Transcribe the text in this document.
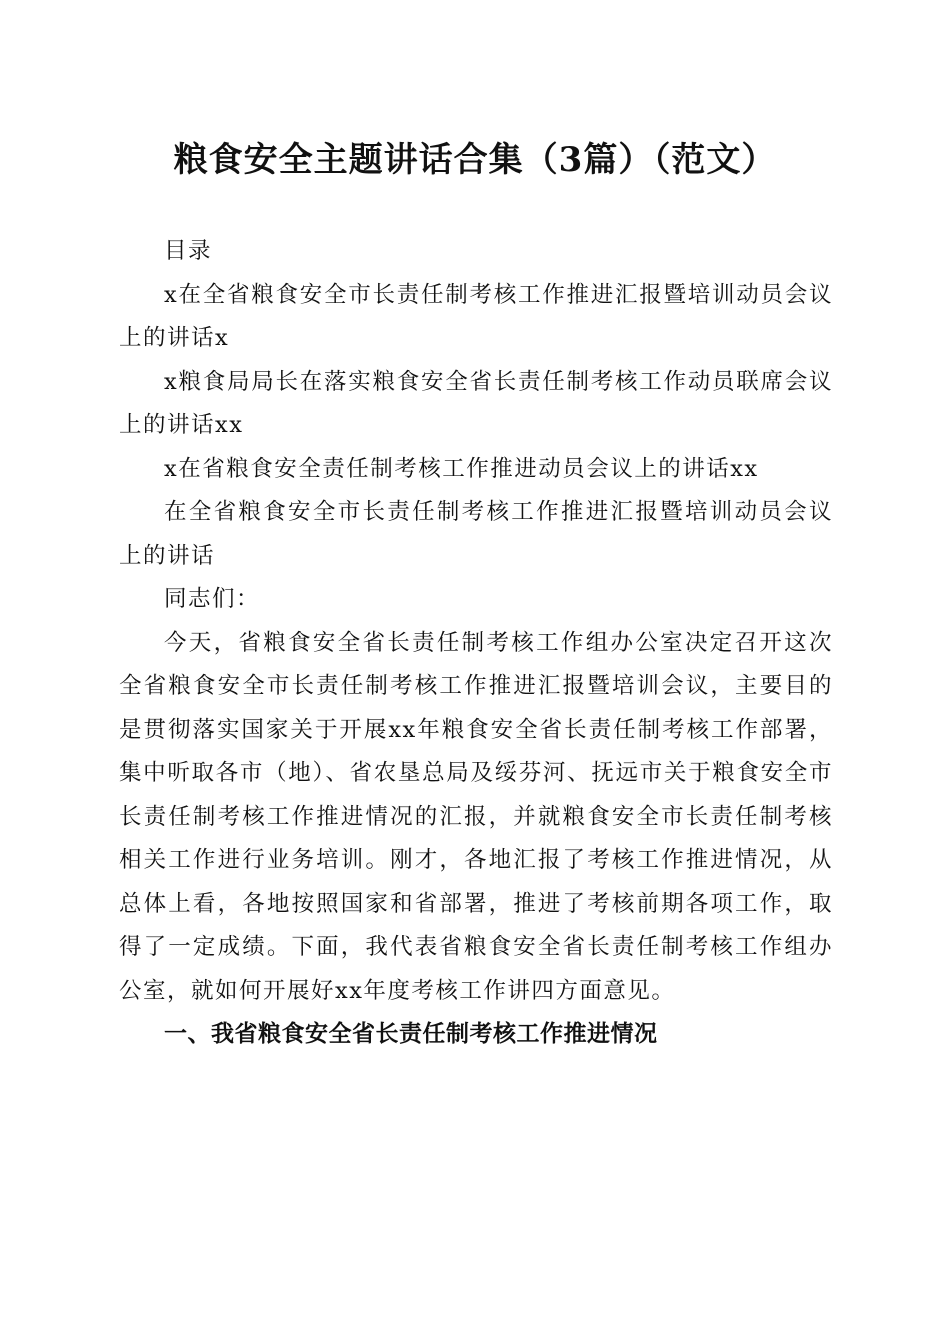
粮食安全主题讲话合集（3篇）（范文）

目录

x在全省粮食安全市长责任制考核工作推进汇报暨培训动员会议上的讲话x

x粮食局局长在落实粮食安全省长责任制考核工作动员联席会议上的讲话xx

x在省粮食安全责任制考核工作推进动员会议上的讲话xx

在全省粮食安全市长责任制考核工作推进汇报暨培训动员会议上的讲话

同志们：

今天，省粮食安全省长责任制考核工作组办公室决定召开这次全省粮食安全市长责任制考核工作推进汇报暨培训会议，主要目的是贯彻落实国家关于开展xx年粮食安全省长责任制考核工作部署，集中听取各市（地）、省农垦总局及绥芬河、抚远市关于粮食安全市长责任制考核工作推进情况的汇报，并就粮食安全市长责任制考核相关工作进行业务培训。刚才，各地汇报了考核工作推进情况，从总体上看，各地按照国家和省部署，推进了考核前期各项工作，取得了一定成绩。下面，我代表省粮食安全省长责任制考核工作组办公室，就如何开展好xx年度考核工作讲四方面意见。

一、我省粮食安全省长责任制考核工作推进情况
